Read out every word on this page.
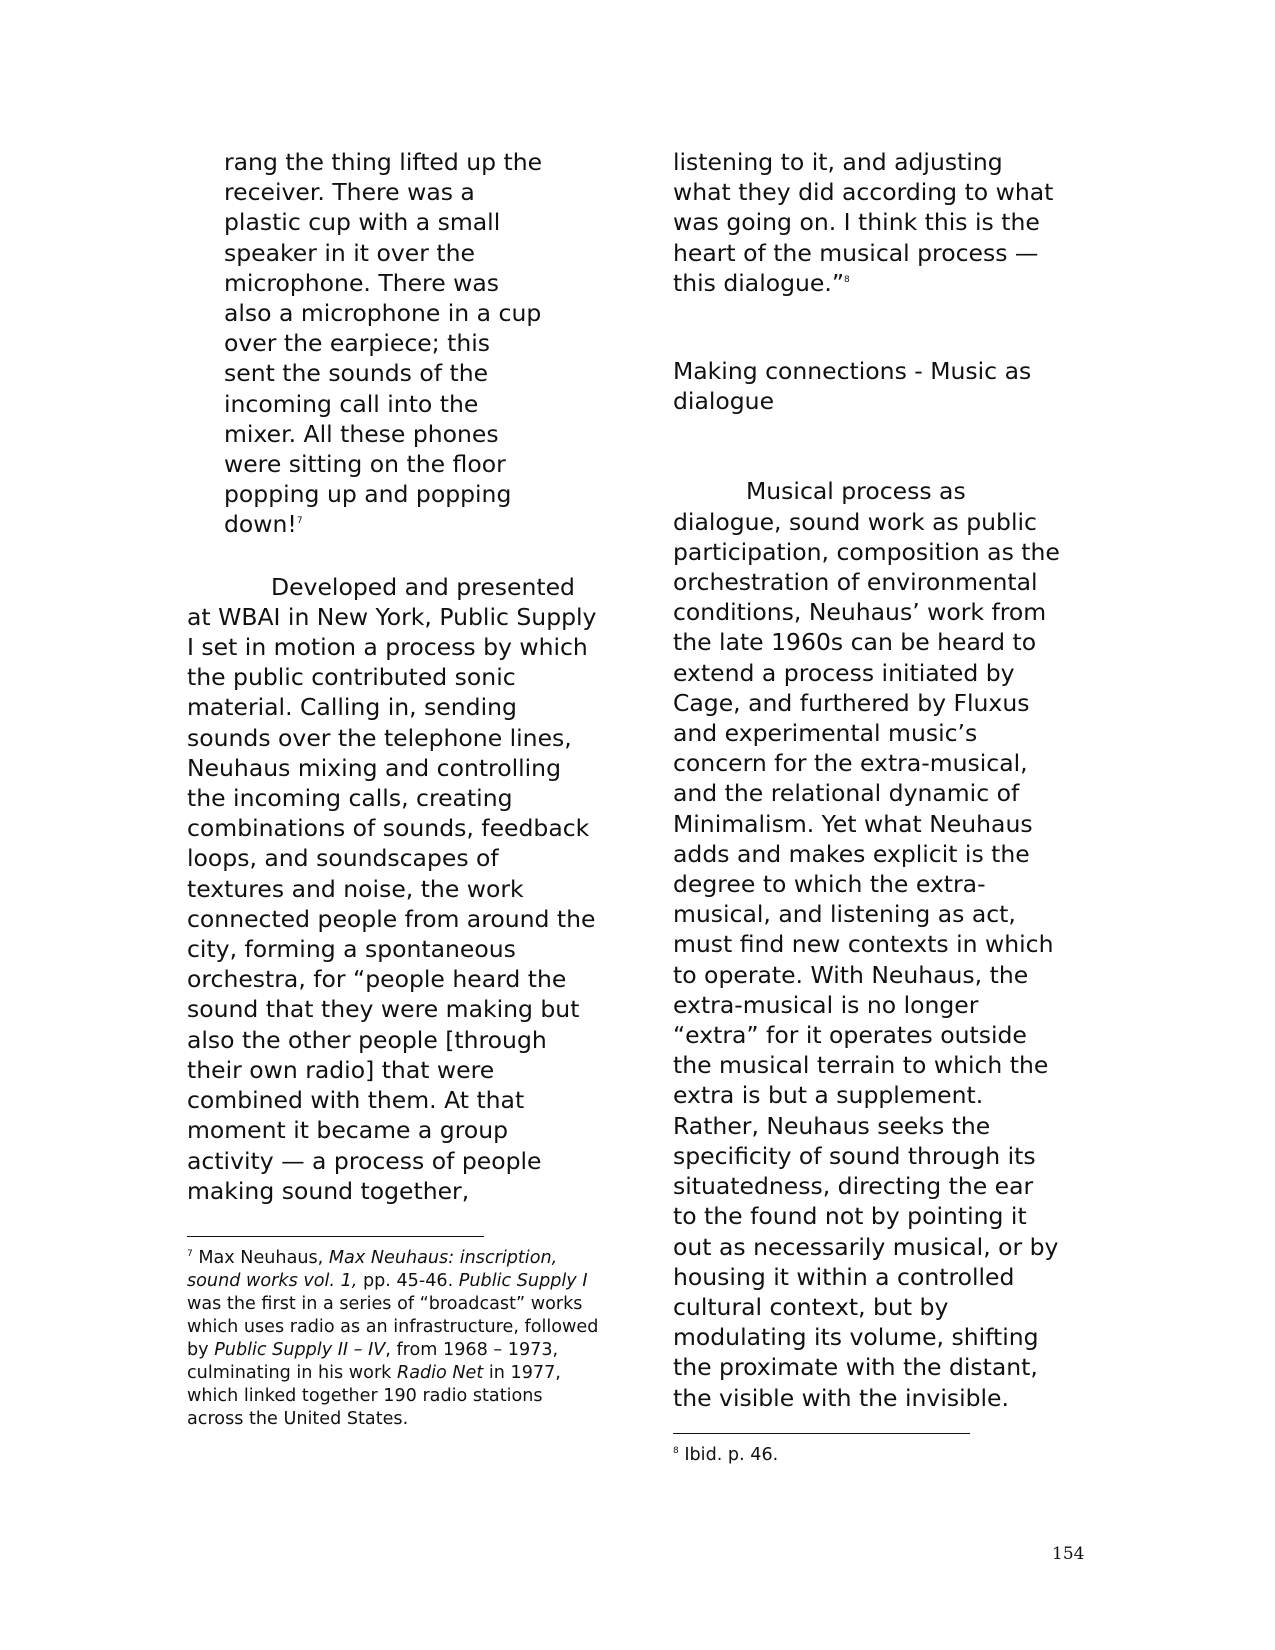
rang the thing lifted up the
receiver. There was a
plastic cup with a small
speaker in it over the
microphone. There was
also a microphone in a cup
over the earpiece; this
sent the sounds of the
incoming call into the
mixer. All these phones
were sitting on the floor
popping up and popping
down!$^7$

Developed and presented at WBAI in New York, Public Supply I set in motion a process by which the public contributed sonic material. Calling in, sending sounds over the telephone lines, Neuhaus mixing and controlling the incoming calls, creating combinations of sounds, feedback loops, and soundscapes of textures and noise, the work connected people from around the city, forming a spontaneous orchestra, for “people heard the sound that they were making but also the other people [through their own radio] that were combined with them. At that moment it became a group activity — a process of people making sound together,

$^7$ Max Neuhaus, Max Neuhaus: inscription, sound works vol. 1, pp. 45-46. Public Supply I was the first in a series of “broadcast” works which uses radio as an infrastructure, followed by Public Supply II – IV, from 1968 – 1973, culminating in his work Radio Net in 1977, which linked together 190 radio stations across the United States.

listening to it, and adjusting
what they did according to what
was going on. I think this is the
heart of the musical process —
this dialogue.”$^8$
Making connections - Music as
dialogue
Musical process as
dialogue, sound work as public
participation, composition as the
orchestration of environmental
conditions, Neuhaus’ work from
the late 1960s can be heard to
extend a process initiated by
Cage, and furthered by Fluxus
and experimental music’s
concern for the extra-musical,
and the relational dynamic of
Minimalism. Yet what Neuhaus
adds and makes explicit is the
degree to which the extra-
musical, and listening as act,
must find new contexts in which
to operate. With Neuhaus, the
extra-musical is no longer
“extra” for it operates outside
the musical terrain to which the
extra is but a supplement.
Rather, Neuhaus seeks the
specificity of sound through its
situatedness, directing the ear
to the found not by pointing it
out as necessarily musical, or by
housing it within a controlled
cultural context, but by
modulating its volume, shifting
the proximate with the distant,
the visible with the invisible.

$^8$ Ibid. p. 46.

154
